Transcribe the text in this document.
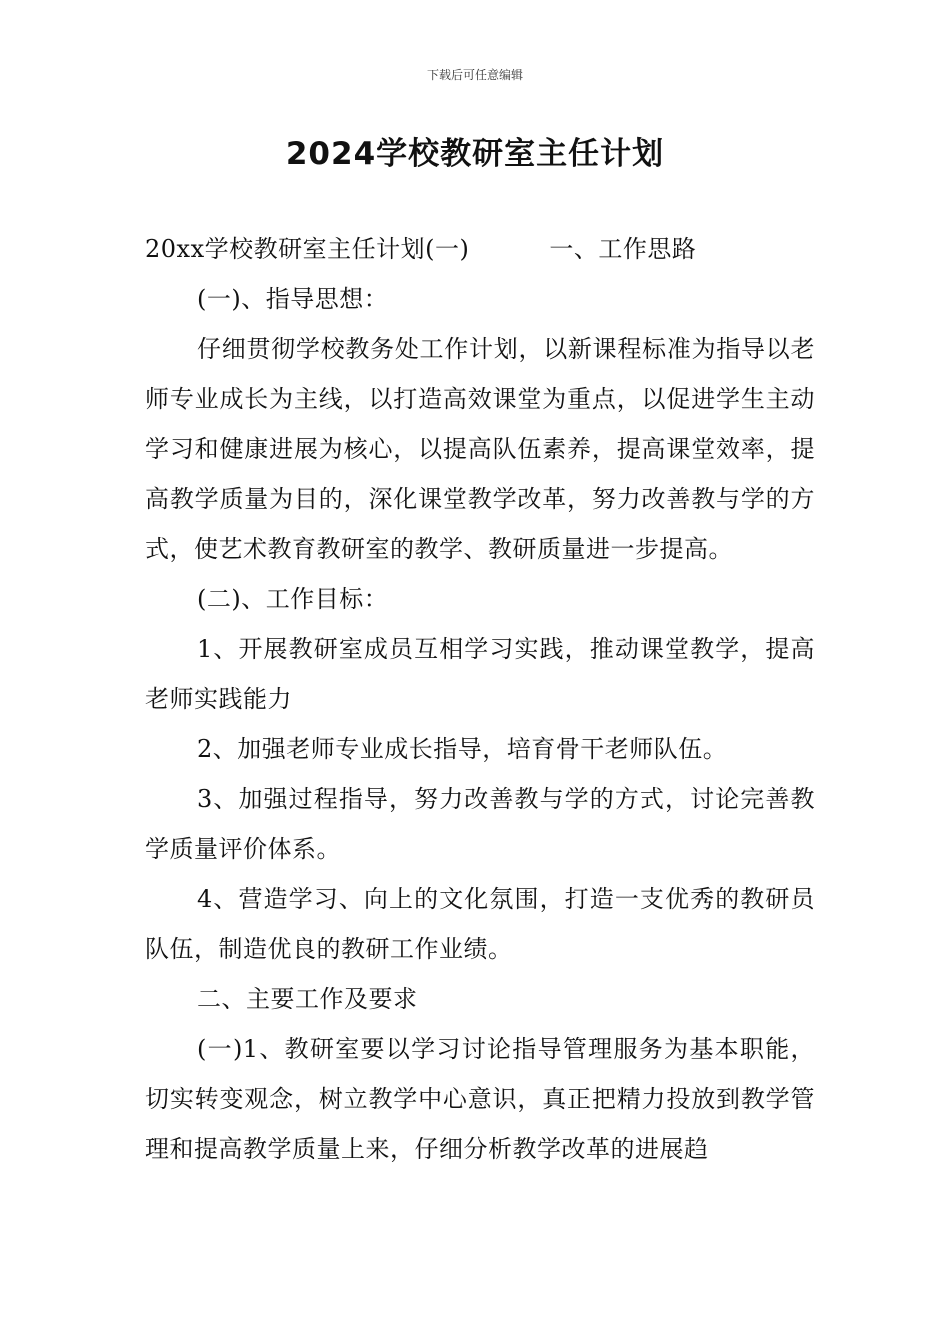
下载后可任意编辑
2024学校教研室主任计划

20xx学校教研室主任计划(一)	一、工作思路

(一)、指导思想：

仔细贯彻学校教务处工作计划，以新课程标准为指导以老师专业成长为主线，以打造高效课堂为重点，以促进学生主动学习和健康进展为核心，以提高队伍素养，提高课堂效率，提高教学质量为目的，深化课堂教学改革，努力改善教与学的方式，使艺术教育教研室的教学、教研质量进一步提高。

(二)、工作目标：

1、开展教研室成员互相学习实践，推动课堂教学，提高老师实践能力

2、加强老师专业成长指导，培育骨干老师队伍。

3、加强过程指导，努力改善教与学的方式，讨论完善教学质量评价体系。

4、营造学习、向上的文化氛围，打造一支优秀的教研员队伍，制造优良的教研工作业绩。

二、主要工作及要求

(一)1、教研室要以学习讨论指导管理服务为基本职能，切实转变观念，树立教学中心意识，真正把精力投放到教学管理和提高教学质量上来，仔细分析教学改革的进展趋
